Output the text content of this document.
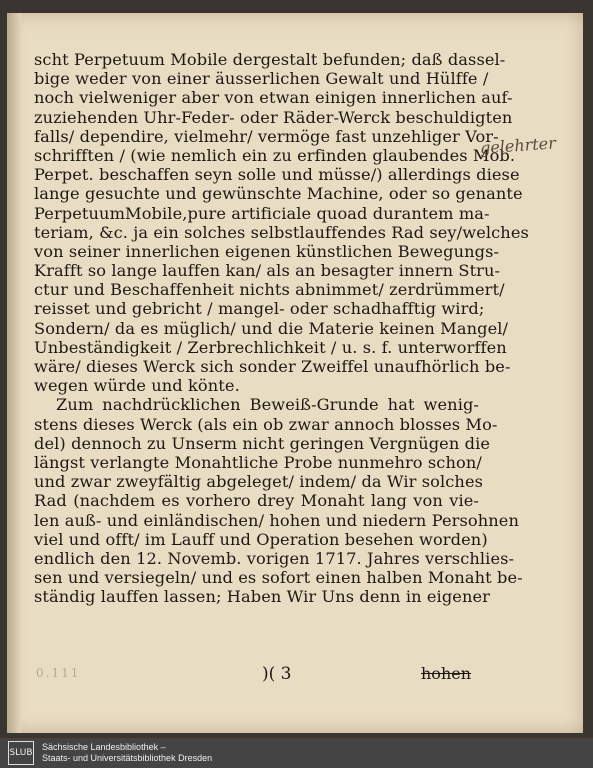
scht Perpetuum Mobile dergestalt befunden; daß dassel-
bige weder von einer äusserlichen Gewalt und Hülffe /
noch vielweniger aber von etwan einigen innerlichen auf-
zuziehenden Uhr-Feder- oder Räder-Werck beschuldigten
falls/ dependire, vielmehr/ vermöge fast unzehliger Vor-
schrifften / (wie nemlich ein zu erfinden glaubendes Mob.
Perpet. beschaffen seyn solle und müsse/) allerdings diese
lange gesuchte und gewünschte Machine, oder so genante
PerpetuumMobile,pure artificiale quoad durantem ma-
teriam, &c. ja ein solches selbstlauffendes Rad sey/welches
von seiner innerlichen eigenen künstlichen Bewegungs-
Krafft so lange lauffen kan/ als an besagter innern Stru-
ctur und Beschaffenheit nichts abnimmet/ zerdrümmert/
reisset und gebricht / mangel- oder schadhafftig wird;
Sondern/ da es müglich/ und die Materie keinen Mangel/
Unbeständigkeit / Zerbrechlichkeit / u. s. f. unterworffen
wäre/ dieses Werck sich sonder Zweiffel unaufhörlich be-
wegen würde und könte.
Zum nachdrücklichen Beweiß-Grunde hat wenig-
stens dieses Werck (als ein ob zwar annoch blosses Mo-
del) dennoch zu Unserm nicht geringen Vergnügen die
längst verlangte Monahtliche Probe nunmehro schon/
und zwar zweyfältig abgeleget/ indem/ da Wir solches
Rad (nachdem es vorhero drey Monaht lang von vie-
len auß- und einländischen/ hohen und niedern Persohnen
viel und offt/ im Lauff und Operation besehen worden)
endlich den 12. Novemb. vorigen 1717. Jahres verschlies-
sen und versiegeln/ und es sofort einen halben Monaht be-
ständig lauffen lassen; Haben Wir Uns denn in eigener
gelehrter
0.111	)( 3	hohen
SLUB
Sächsische Landesbibliothek –
Staats- und Universitätsbibliothek Dresden
